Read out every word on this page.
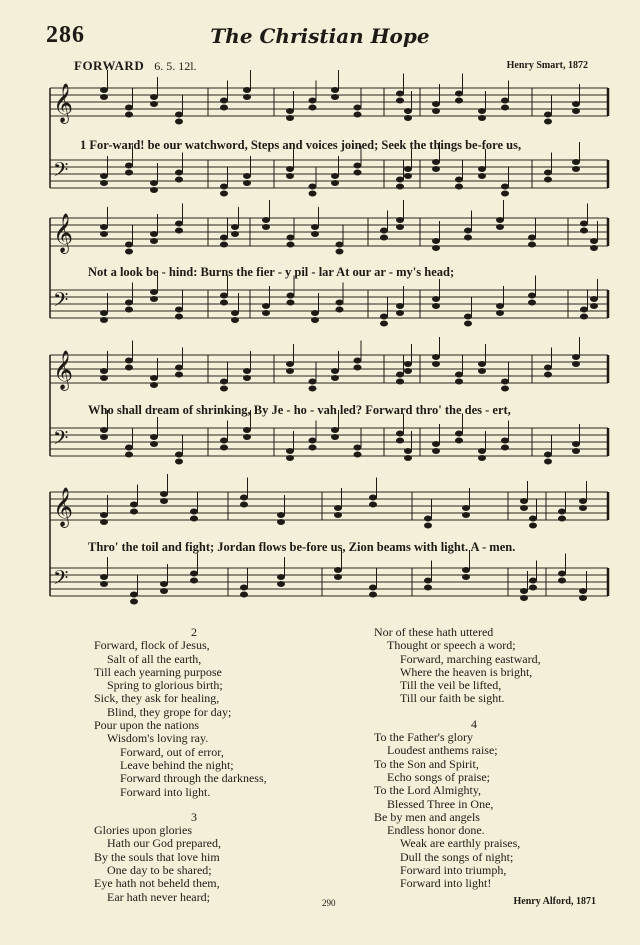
286	The Christian Hope
FORWARD 6. 5. 12l.	Henry Smart, 1872
𝄞
𝄢
𝄞
𝄢
𝄞
𝄢
𝄞
𝄢
1 For-ward! be our watchword, Steps and voices joined; Seek the things be-fore us,
Not a look be - hind: Burns the fier - y pil - lar At our ar - my's head;
Who shall dream of shrinking, By Je - ho - vah led? Forward thro' the des - ert,
Thro' the toil and fight; Jordan flows be-fore us, Zion beams with light. A - men.
2
Forward, flock of Jesus,
Salt of all the earth,
Till each yearning purpose
Spring to glorious birth;
Sick, they ask for healing,
Blind, they grope for day;
Pour upon the nations
Wisdom's loving ray.
Forward, out of error,
Leave behind the night;
Forward through the darkness,
Forward into light.
3
Glories upon glories
Hath our God prepared,
By the souls that love him
One day to be shared;
Eye hath not beheld them,
Ear hath never heard;
Nor of these hath uttered
Thought or speech a word;
Forward, marching eastward,
Where the heaven is bright,
Till the veil be lifted,
Till our faith be sight.
4
To the Father's glory
Loudest anthems raise;
To the Son and Spirit,
Echo songs of praise;
To the Lord Almighty,
Blessed Three in One,
Be by men and angels
Endless honor done.
Weak are earthly praises,
Dull the songs of night;
Forward into triumph,
Forward into light!
290	Henry Alford, 1871
